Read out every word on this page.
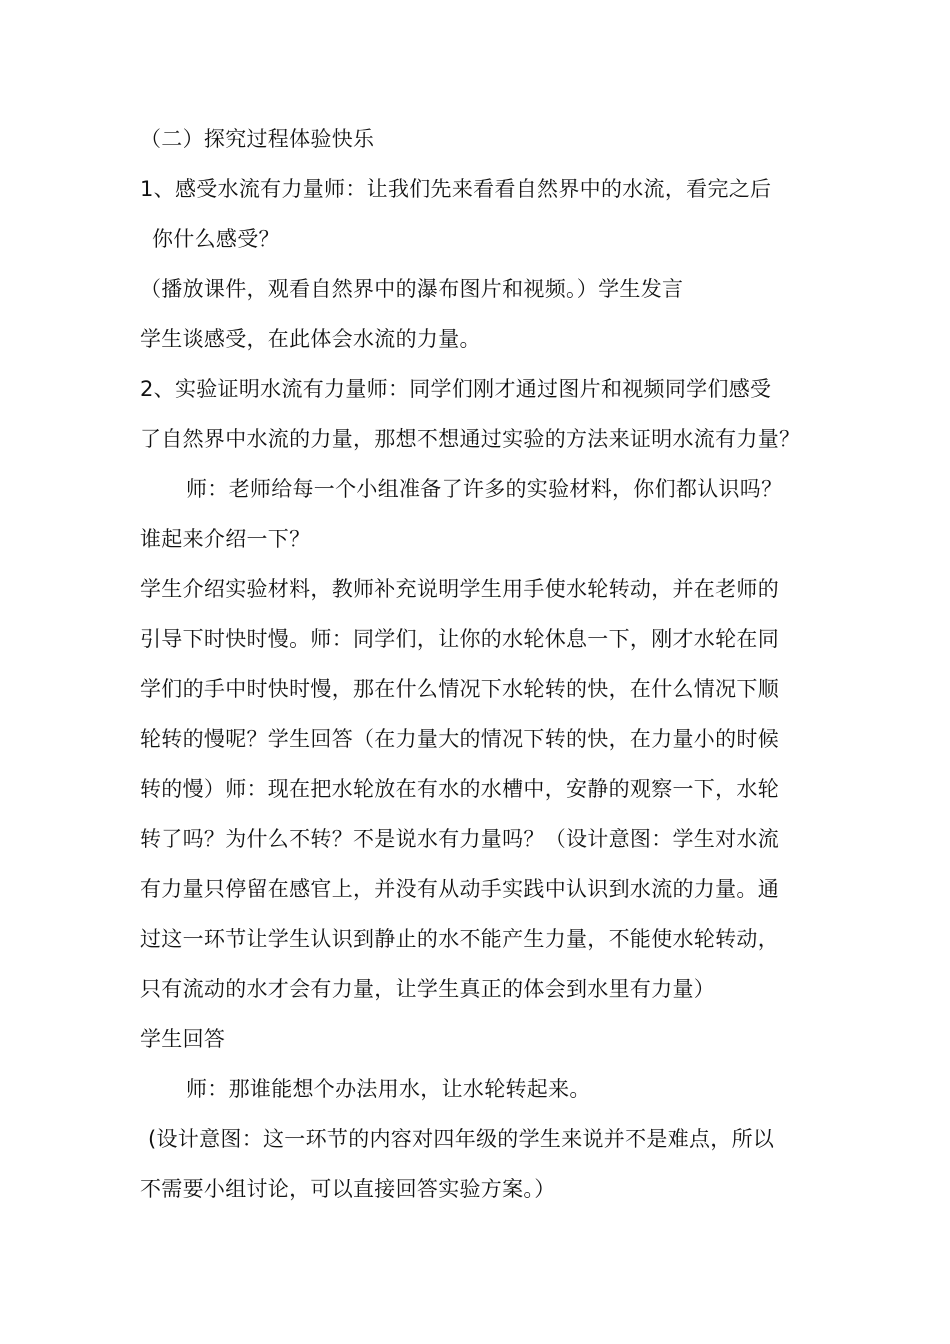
（二）探究过程体验快乐
1、感受水流有力量师：让我们先来看看自然界中的水流，看完之后
你什么感受？
（播放课件，观看自然界中的瀑布图片和视频。）学生发言
学生谈感受，在此体会水流的力量。
2、实验证明水流有力量师：同学们刚才通过图片和视频同学们感受
了自然界中水流的力量，那想不想通过实验的方法来证明水流有力量？
师：老师给每一个小组准备了许多的实验材料，你们都认识吗？
谁起来介绍一下？
学生介绍实验材料，教师补充说明学生用手使水轮转动，并在老师的
引导下时快时慢。师：同学们，让你的水轮休息一下，刚才水轮在同
学们的手中时快时慢，那在什么情况下水轮转的快，在什么情况下顺
轮转的慢呢？学生回答（在力量大的情况下转的快，在力量小的时候
转的慢）师：现在把水轮放在有水的水槽中，安静的观察一下，水轮
转了吗？为什么不转？不是说水有力量吗？（设计意图：学生对水流
有力量只停留在感官上，并没有从动手实践中认识到水流的力量。通
过这一环节让学生认识到静止的水不能产生力量，不能使水轮转动，
只有流动的水才会有力量，让学生真正的体会到水里有力量）
学生回答
师：那谁能想个办法用水，让水轮转起来。
(设计意图：这一环节的内容对四年级的学生来说并不是难点，所以
不需要小组讨论，可以直接回答实验方案。）
